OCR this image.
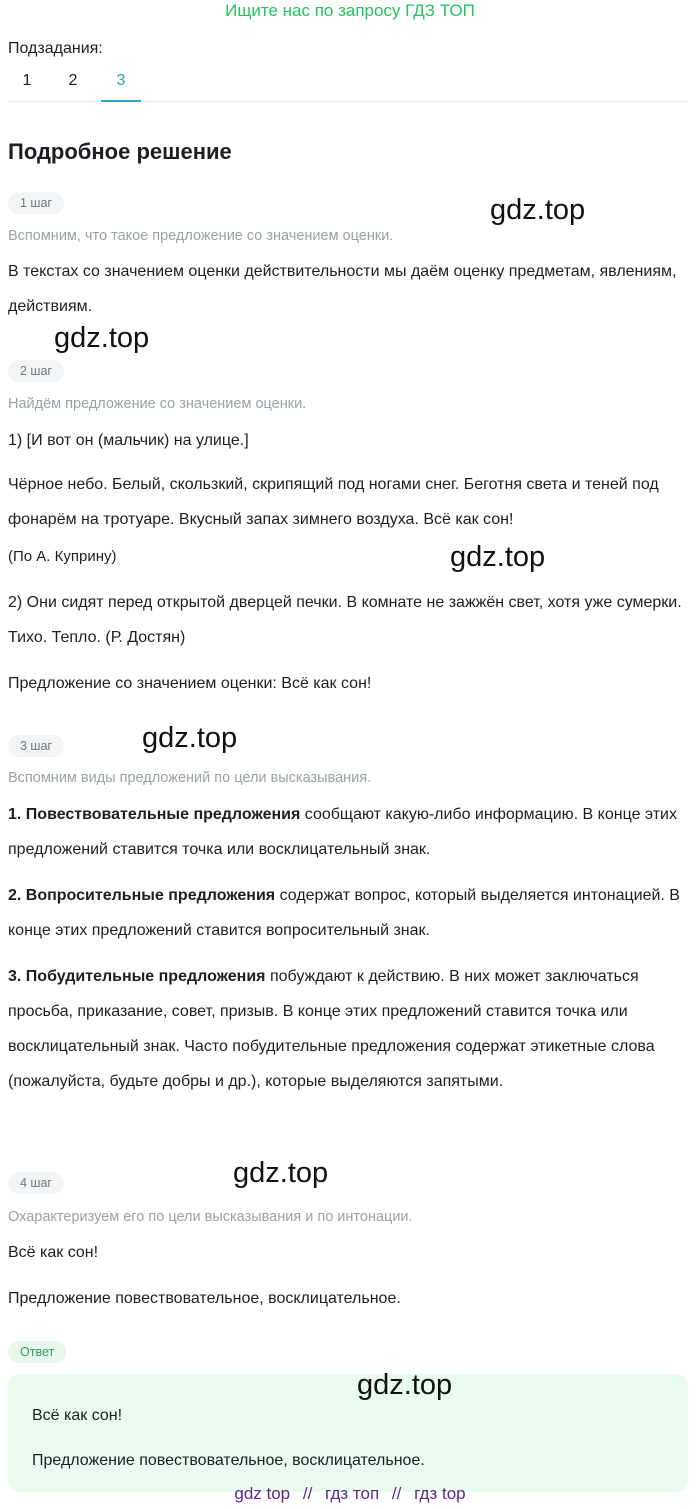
Ищите нас по запросу ГДЗ ТОП
Подзадания:
1 2	3
Подробное решение
1 шаг	gdz.top
Вспомним, что такое предложение со значением оценки.
В текстах со значением оценки действительности мы даём оценку предметам, явлениям, действиям.
gdz.top
2 шаг
Найдём предложение со значением оценки.
1) [И вот он (мальчик) на улице.]
Чёрное небо. Белый, скользкий, скрипящий под ногами снег. Беготня света и теней под фонарём на тротуаре. Вкусный запах зимнего воздуха. Всё как сон!
(По А. Куприну)	gdz.top
2) Они сидят перед открытой дверцей печки. В комнате не зажжён свет, хотя уже сумерки. Тихо. Тепло. (Р. Достян)
Предложение со значением оценки: Всё как сон!
3 шаг	gdz.top
Вспомним виды предложений по цели высказывания.
1. Повествовательные предложения сообщают какую-либо информацию. В конце этих предложений ставится точка или восклицательный знак.
2. Вопросительные предложения содержат вопрос, который выделяется интонацией. В конце этих предложений ставится вопросительный знак.
3. Побудительные предложения побуждают к действию. В них может заключаться просьба, приказание, совет, призыв. В конце этих предложений ставится точка или восклицательный знак. Часто побудительные предложения содержат этикетные слова (пожалуйста, будьте добры и др.), которые выделяются запятыми.
gdz.top
4 шаг
Охарактеризуем его по цели высказывания и по интонации.
Всё как сон!
Предложение повествовательное, восклицательное.
Ответ
gdz.top
Всё как сон!
Предложение повествовательное, восклицательное.
gdz top // гдз топ // гдз top
